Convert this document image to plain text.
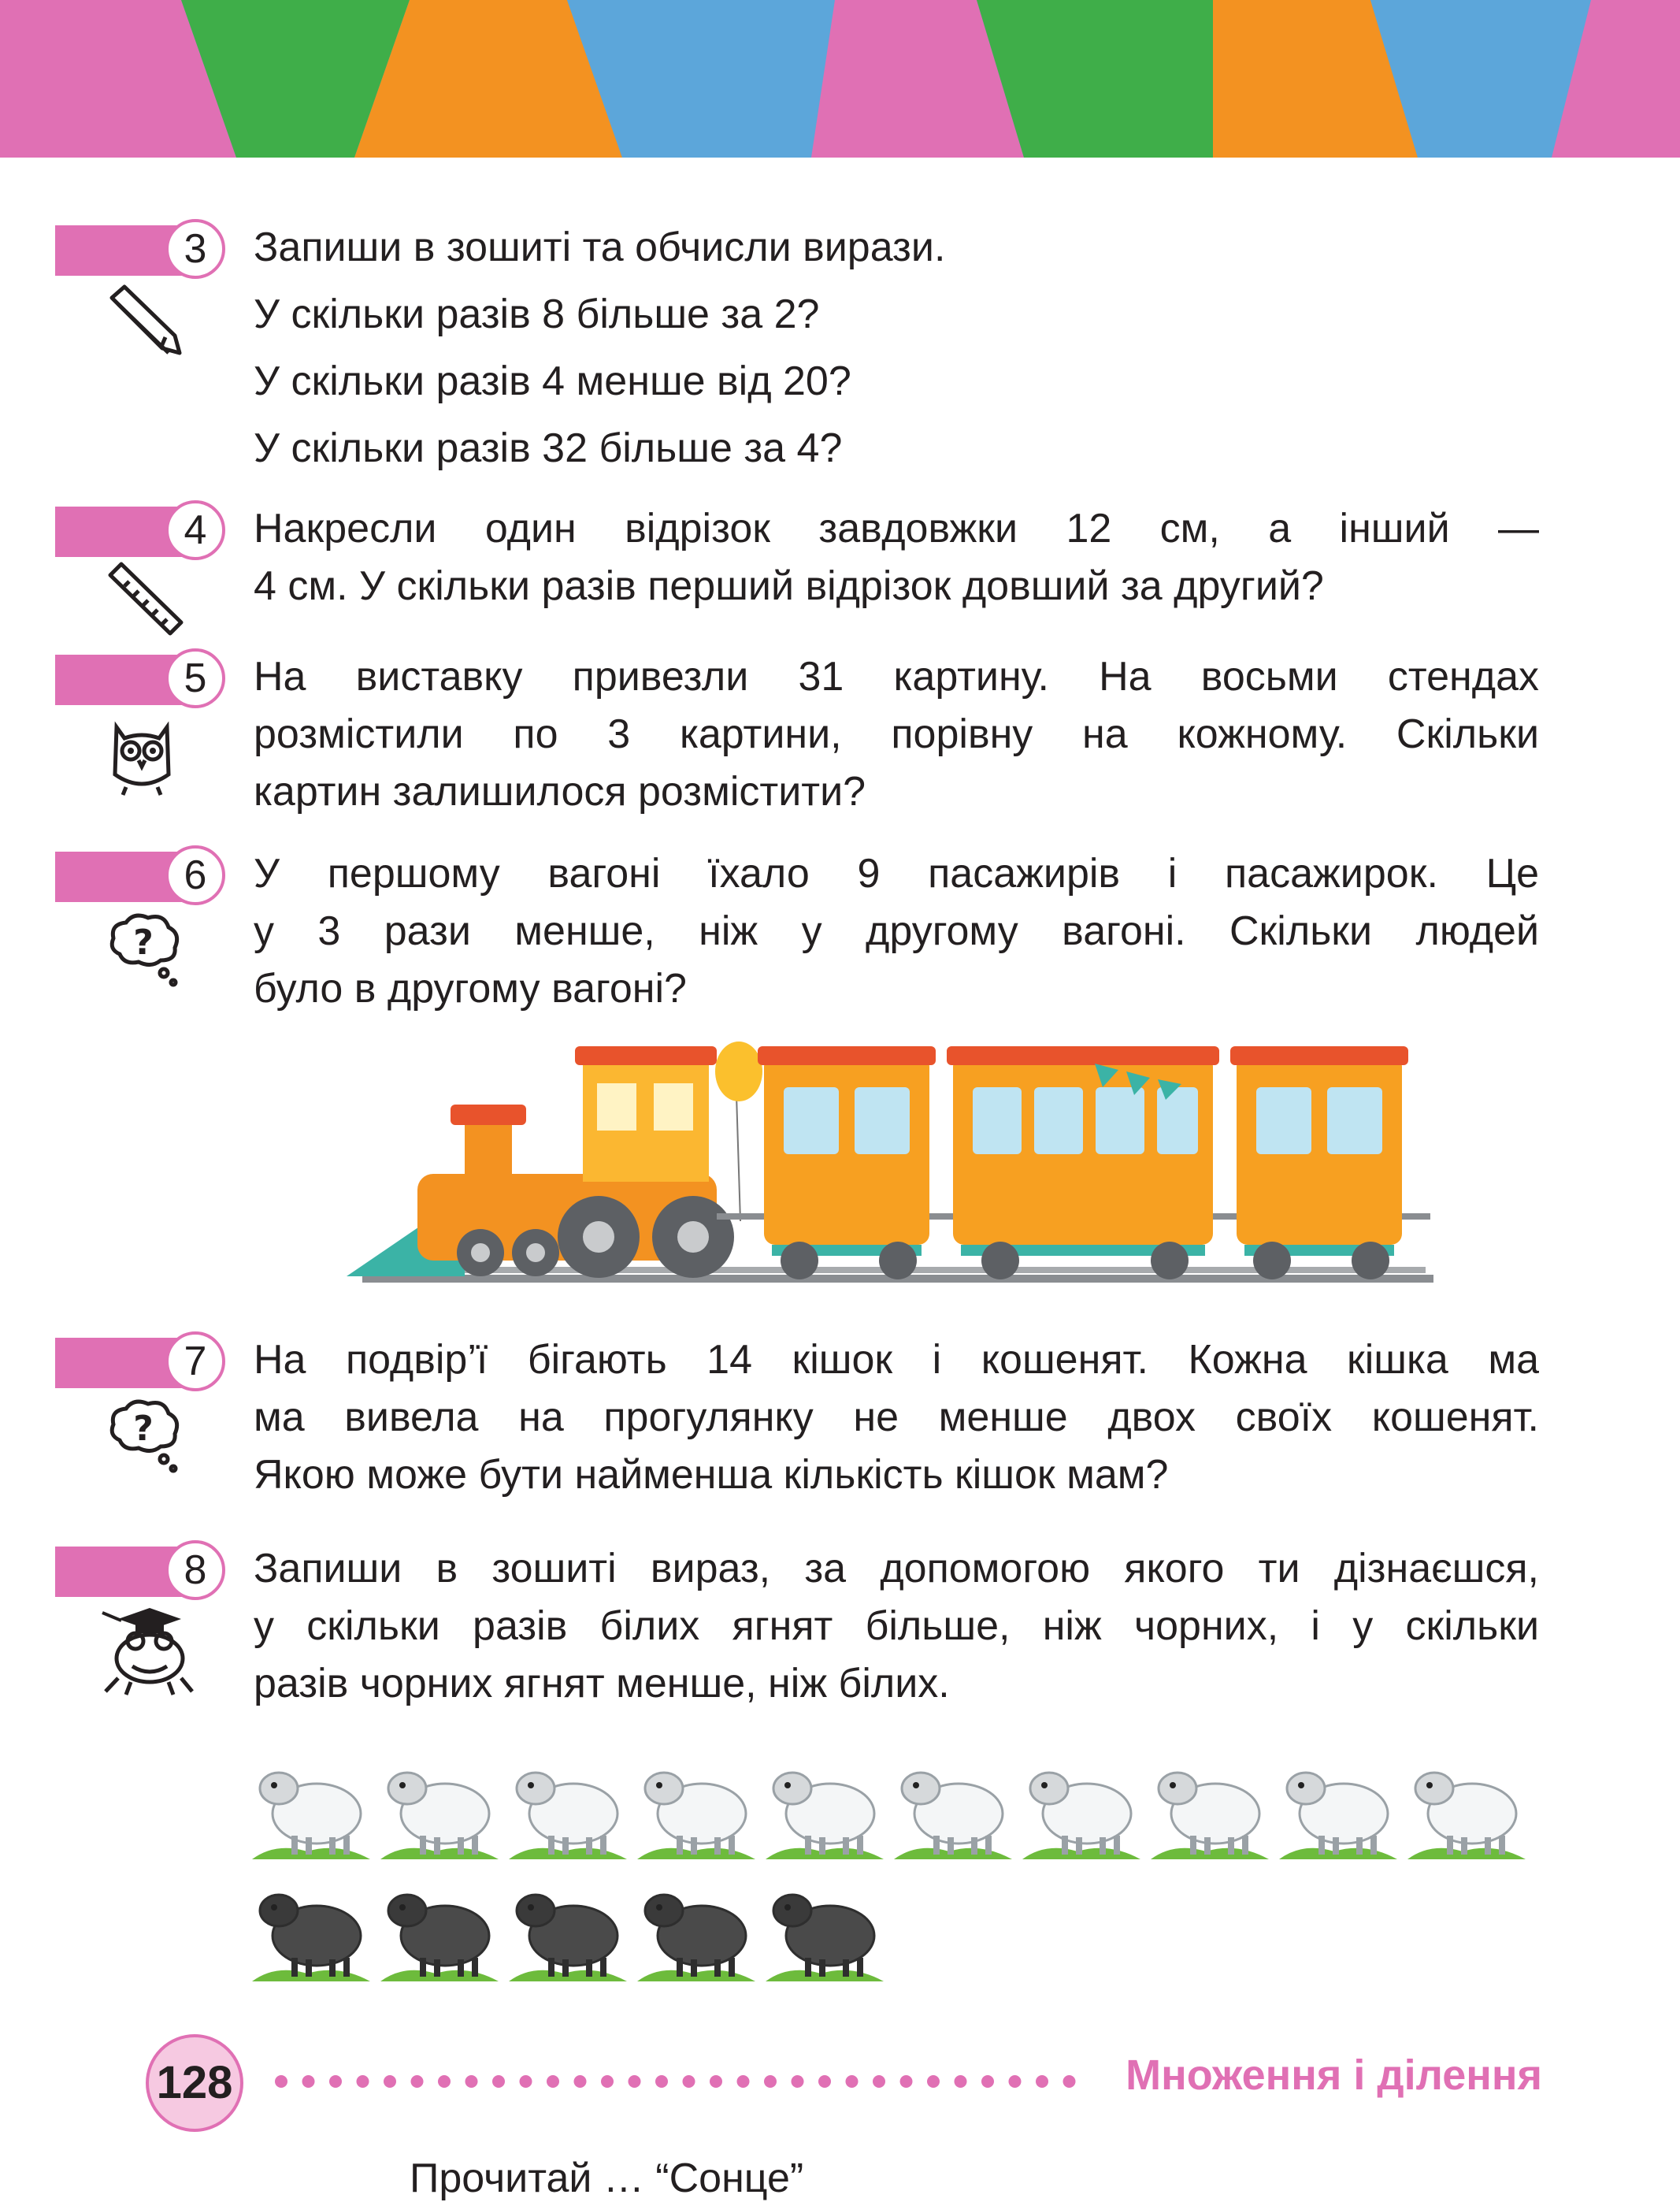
3	Запиши в зошиті та обчисли вирази.
У скільки разів 8 більше за 2?
У скільки разів 4 менше від 20?
У скільки разів 32 більше за 4?
4	Накресли один відрізок завдовжки 12 см, а інший —
4 см. У скільки разів перший відрізок довший за другий?
5	На виставку привезли 31 картину. На восьми стендах
розмістили по 3 картини, порівну на кожному. Скільки
картин залишилося розмістити?
6
?
У першому вагоні їхало 9 пасажирів і пасажирок. Це
у 3 рази менше, ніж у другому вагоні. Скільки людей
було в другому вагоні?
7
?
На подвір’ї бігають 14 кішок і кошенят. Кожна кішка ма
ма вивела на прогулянку не менше двох своїх кошенят.
Якою може бути найменша кількість кішок мам?
8	Запиши в зошиті вираз, за допомогою якого ти дізнаєшся,
у скільки разів білих ягнят більше, ніж чорних, і у скільки
разів чорних ягнят менше, ніж білих.
128	Множення і ділення
Прочитай … “Сонце”
